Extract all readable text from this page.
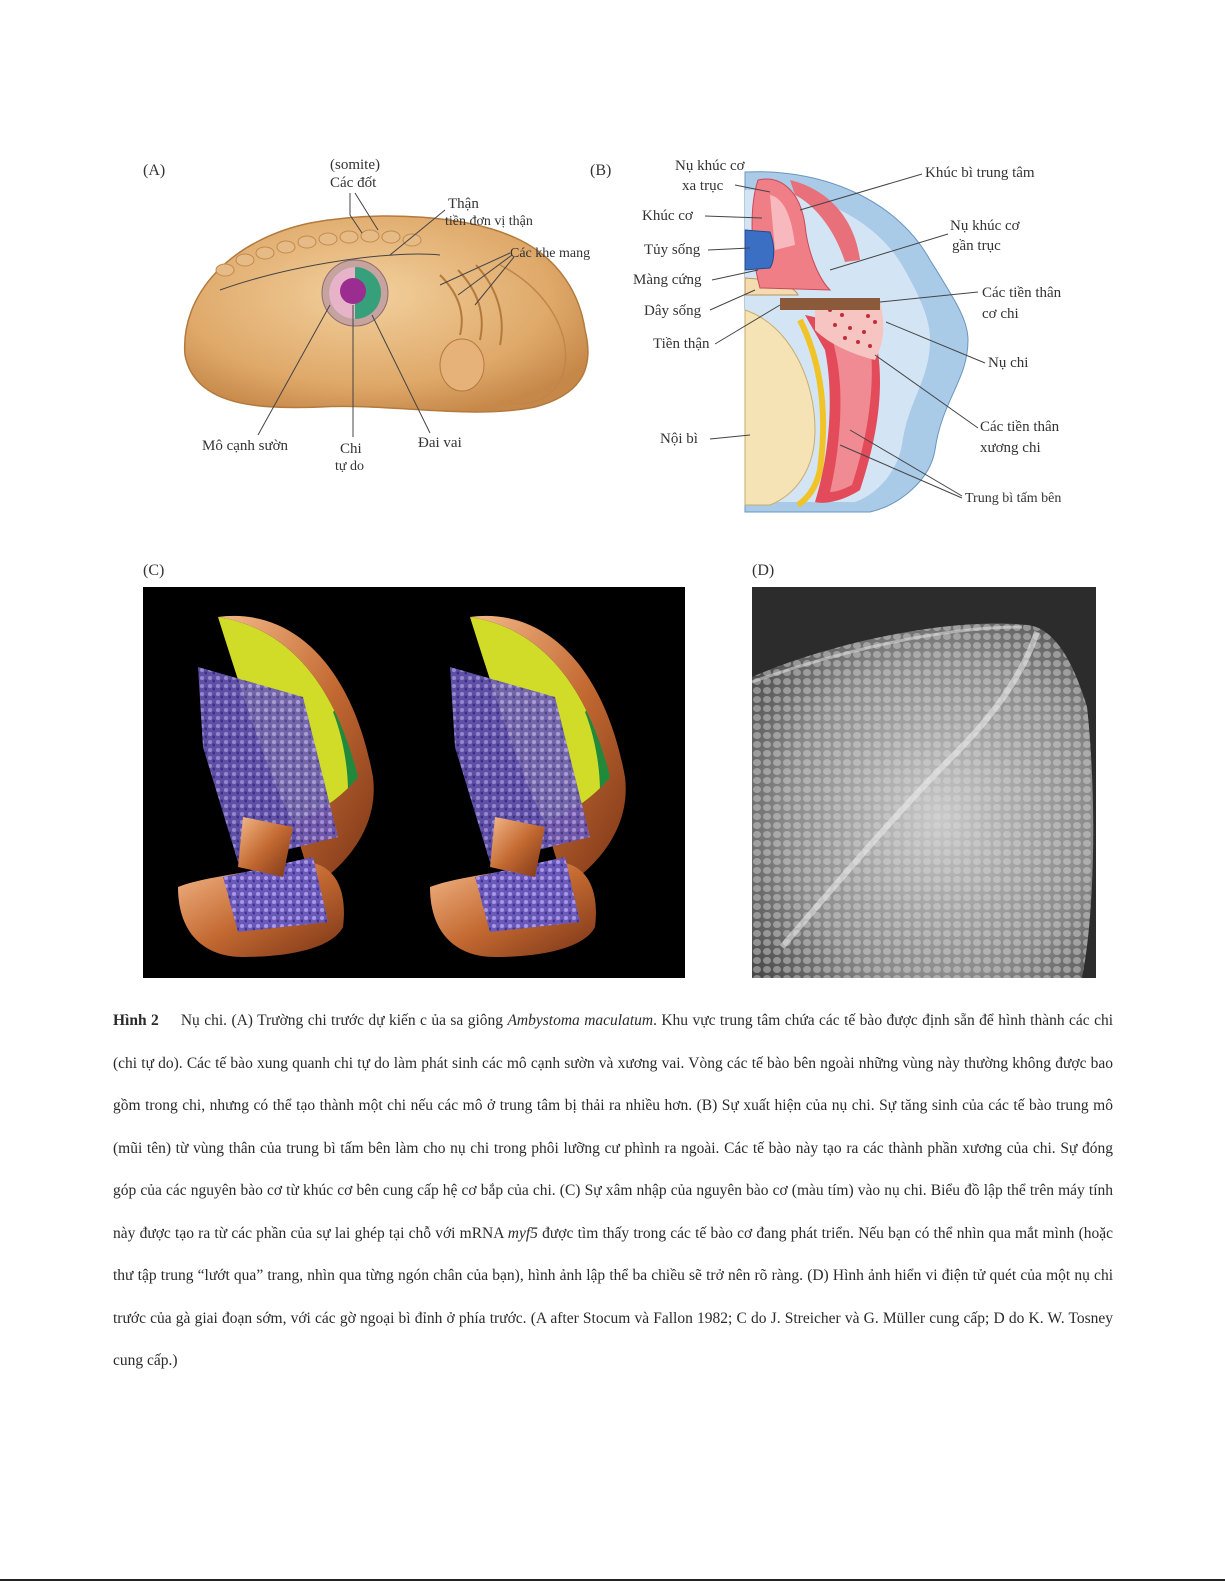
(A)	(somite)
Các đốt
Thận
tiền đơn vị thận
Các khe mang
Mô cạnh sườn	Chi
tự do
Đai vai
(B)	Nụ khúc cơ
xa trục
Khúc cơ
Tủy sống
Màng cứng
Dây sống
Tiền thận
Nội bì
Khúc bì trung tâm
Nụ khúc cơ
gần trục
Các tiền thân
cơ chi
Nụ chi
Các tiền thân
xương chi
Trung bì tấm bên
(C)	(D)
Hình 2 Nụ chi. (A) Trường chi trước dự kiến c ủa sa giông Ambystoma maculatum. Khu vực trung tâm chứa các tế bào được định sẵn để hình thành các chi (chi tự do). Các tế bào xung quanh chi tự do làm phát sinh các mô cạnh sườn và xương vai. Vòng các tế bào bên ngoài những vùng này thường không được bao gồm trong chi, nhưng có thể tạo thành một chi nếu các mô ở trung tâm bị thải ra nhiều hơn. (B) Sự xuất hiện của nụ chi. Sự tăng sinh của các tế bào trung mô (mũi tên) từ vùng thân của trung bì tấm bên làm cho nụ chi trong phôi lưỡng cư phình ra ngoài. Các tế bào này tạo ra các thành phần xương của chi. Sự đóng góp của các nguyên bào cơ từ khúc cơ bên cung cấp hệ cơ bắp của chi. (C) Sự xâm nhập của nguyên bào cơ (màu tím) vào nụ chi. Biểu đồ lập thể trên máy tính này được tạo ra từ các phần của sự lai ghép tại chỗ với mRNA myf5 được tìm thấy trong các tế bào cơ đang phát triển. Nếu bạn có thể nhìn qua mắt mình (hoặc thư tập trung “lướt qua” trang, nhìn qua từng ngón chân của bạn), hình ảnh lập thể ba chiều sẽ trở nên rõ ràng. (D) Hình ảnh hiển vi điện tử quét của một nụ chi trước của gà giai đoạn sớm, với các gờ ngoại bì đỉnh ở phía trước. (A after Stocum và Fallon 1982; C do J. Streicher và G. Müller cung cấp; D do K. W. Tosney cung cấp.)
